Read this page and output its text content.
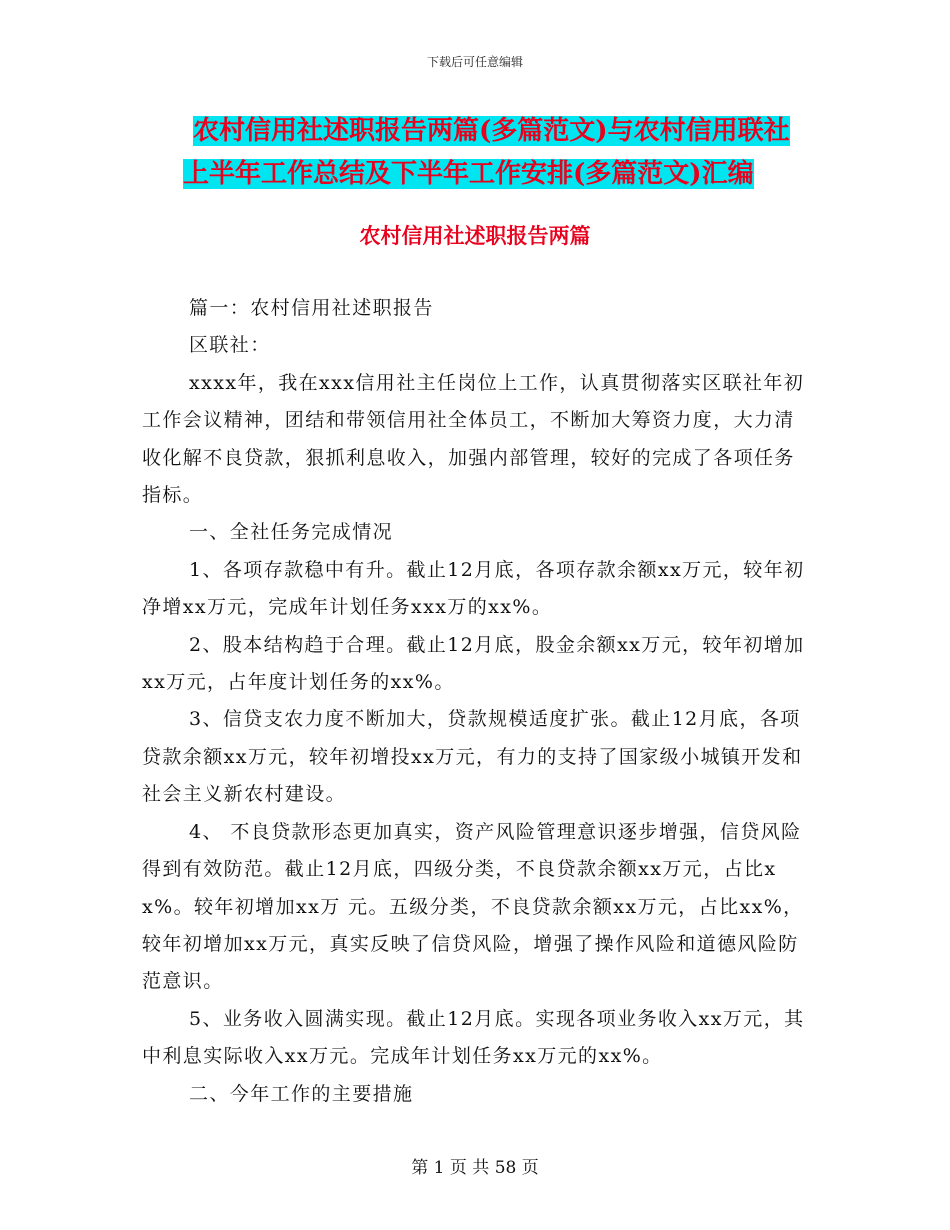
下载后可任意编辑
农村信用社述职报告两篇(多篇范文)与农村信用联社
上半年工作总结及下半年工作安排(多篇范文)汇编
农村信用社述职报告两篇

篇一：农村信用社述职报告

区联社：

xxxx年，我在xxx信用社主任岗位上工作，认真贯彻落实区联社年初工作会议精神，团结和带领信用社全体员工，不断加大筹资力度，大力清收化解不良贷款，狠抓利息收入，加强内部管理，较好的完成了各项任务指标。

一、全社任务完成情况

1、各项存款稳中有升。截止12月底，各项存款余额xx万元，较年初净增xx万元，完成年计划任务xxx万的xx%。

2、股本结构趋于合理。截止12月底，股金余额xx万元，较年初增加xx万元，占年度计划任务的xx%。

3、信贷支农力度不断加大，贷款规模适度扩张。截止12月底，各项贷款余额xx万元，较年初增投xx万元，有力的支持了国家级小城镇开发和社会主义新农村建设。

4、 不良贷款形态更加真实，资产风险管理意识逐步增强，信贷风险得到有效防范。截止12月底，四级分类，不良贷款余额xx万元，占比xx%。较年初增加xx万 元。五级分类，不良贷款余额xx万元，占比xx%，较年初增加xx万元，真实反映了信贷风险，增强了操作风险和道德风险防范意识。

5、业务收入圆满实现。截止12月底。实现各项业务收入xx万元，其中利息实际收入xx万元。完成年计划任务xx万元的xx%。

二、今年工作的主要措施

第 1 页 共 58 页
